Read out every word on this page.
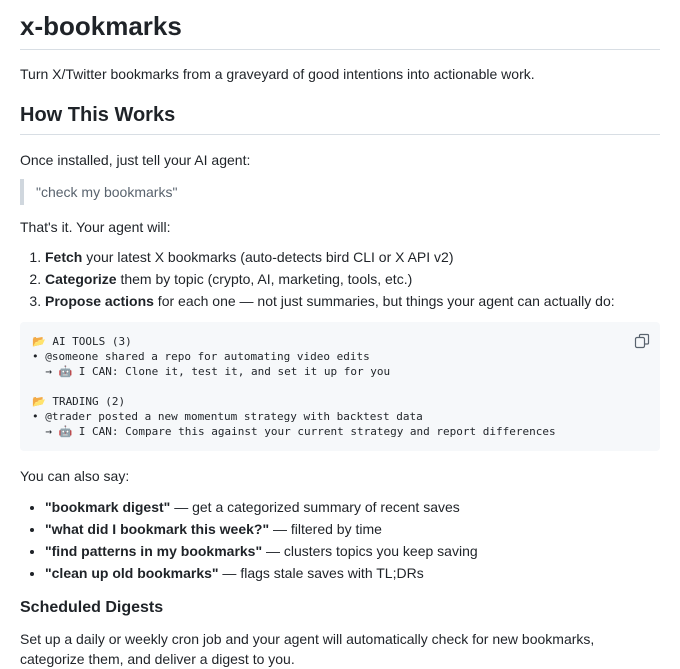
x-bookmarks

Turn X/Twitter bookmarks from a graveyard of good intentions into actionable work.

How This Works

Once installed, just tell your AI agent:

"check my bookmarks"

That's it. Your agent will:

1. Fetch your latest X bookmarks (auto-detects bird CLI or X API v2)
2. Categorize them by topic (crypto, AI, marketing, tools, etc.)
3. Propose actions for each one — not just summaries, but things your agent can actually do:
📂 AI TOOLS (3)
• @someone shared a repo for automating video edits
→ 🤖 I CAN: Clone it, test it, and set it up for you
📂 TRADING (2)
• @trader posted a new momentum strategy with backtest data
→ 🤖 I CAN: Compare this against your current strategy and report differences

You can also say:

• "bookmark digest" — get a categorized summary of recent saves
• "what did I bookmark this week?" — filtered by time
• "find patterns in my bookmarks" — clusters topics you keep saving
• "clean up old bookmarks" — flags stale saves with TL;DRs
Scheduled Digests

Set up a daily or weekly cron job and your agent will automatically check for new bookmarks, categorize them, and deliver a digest to you.
